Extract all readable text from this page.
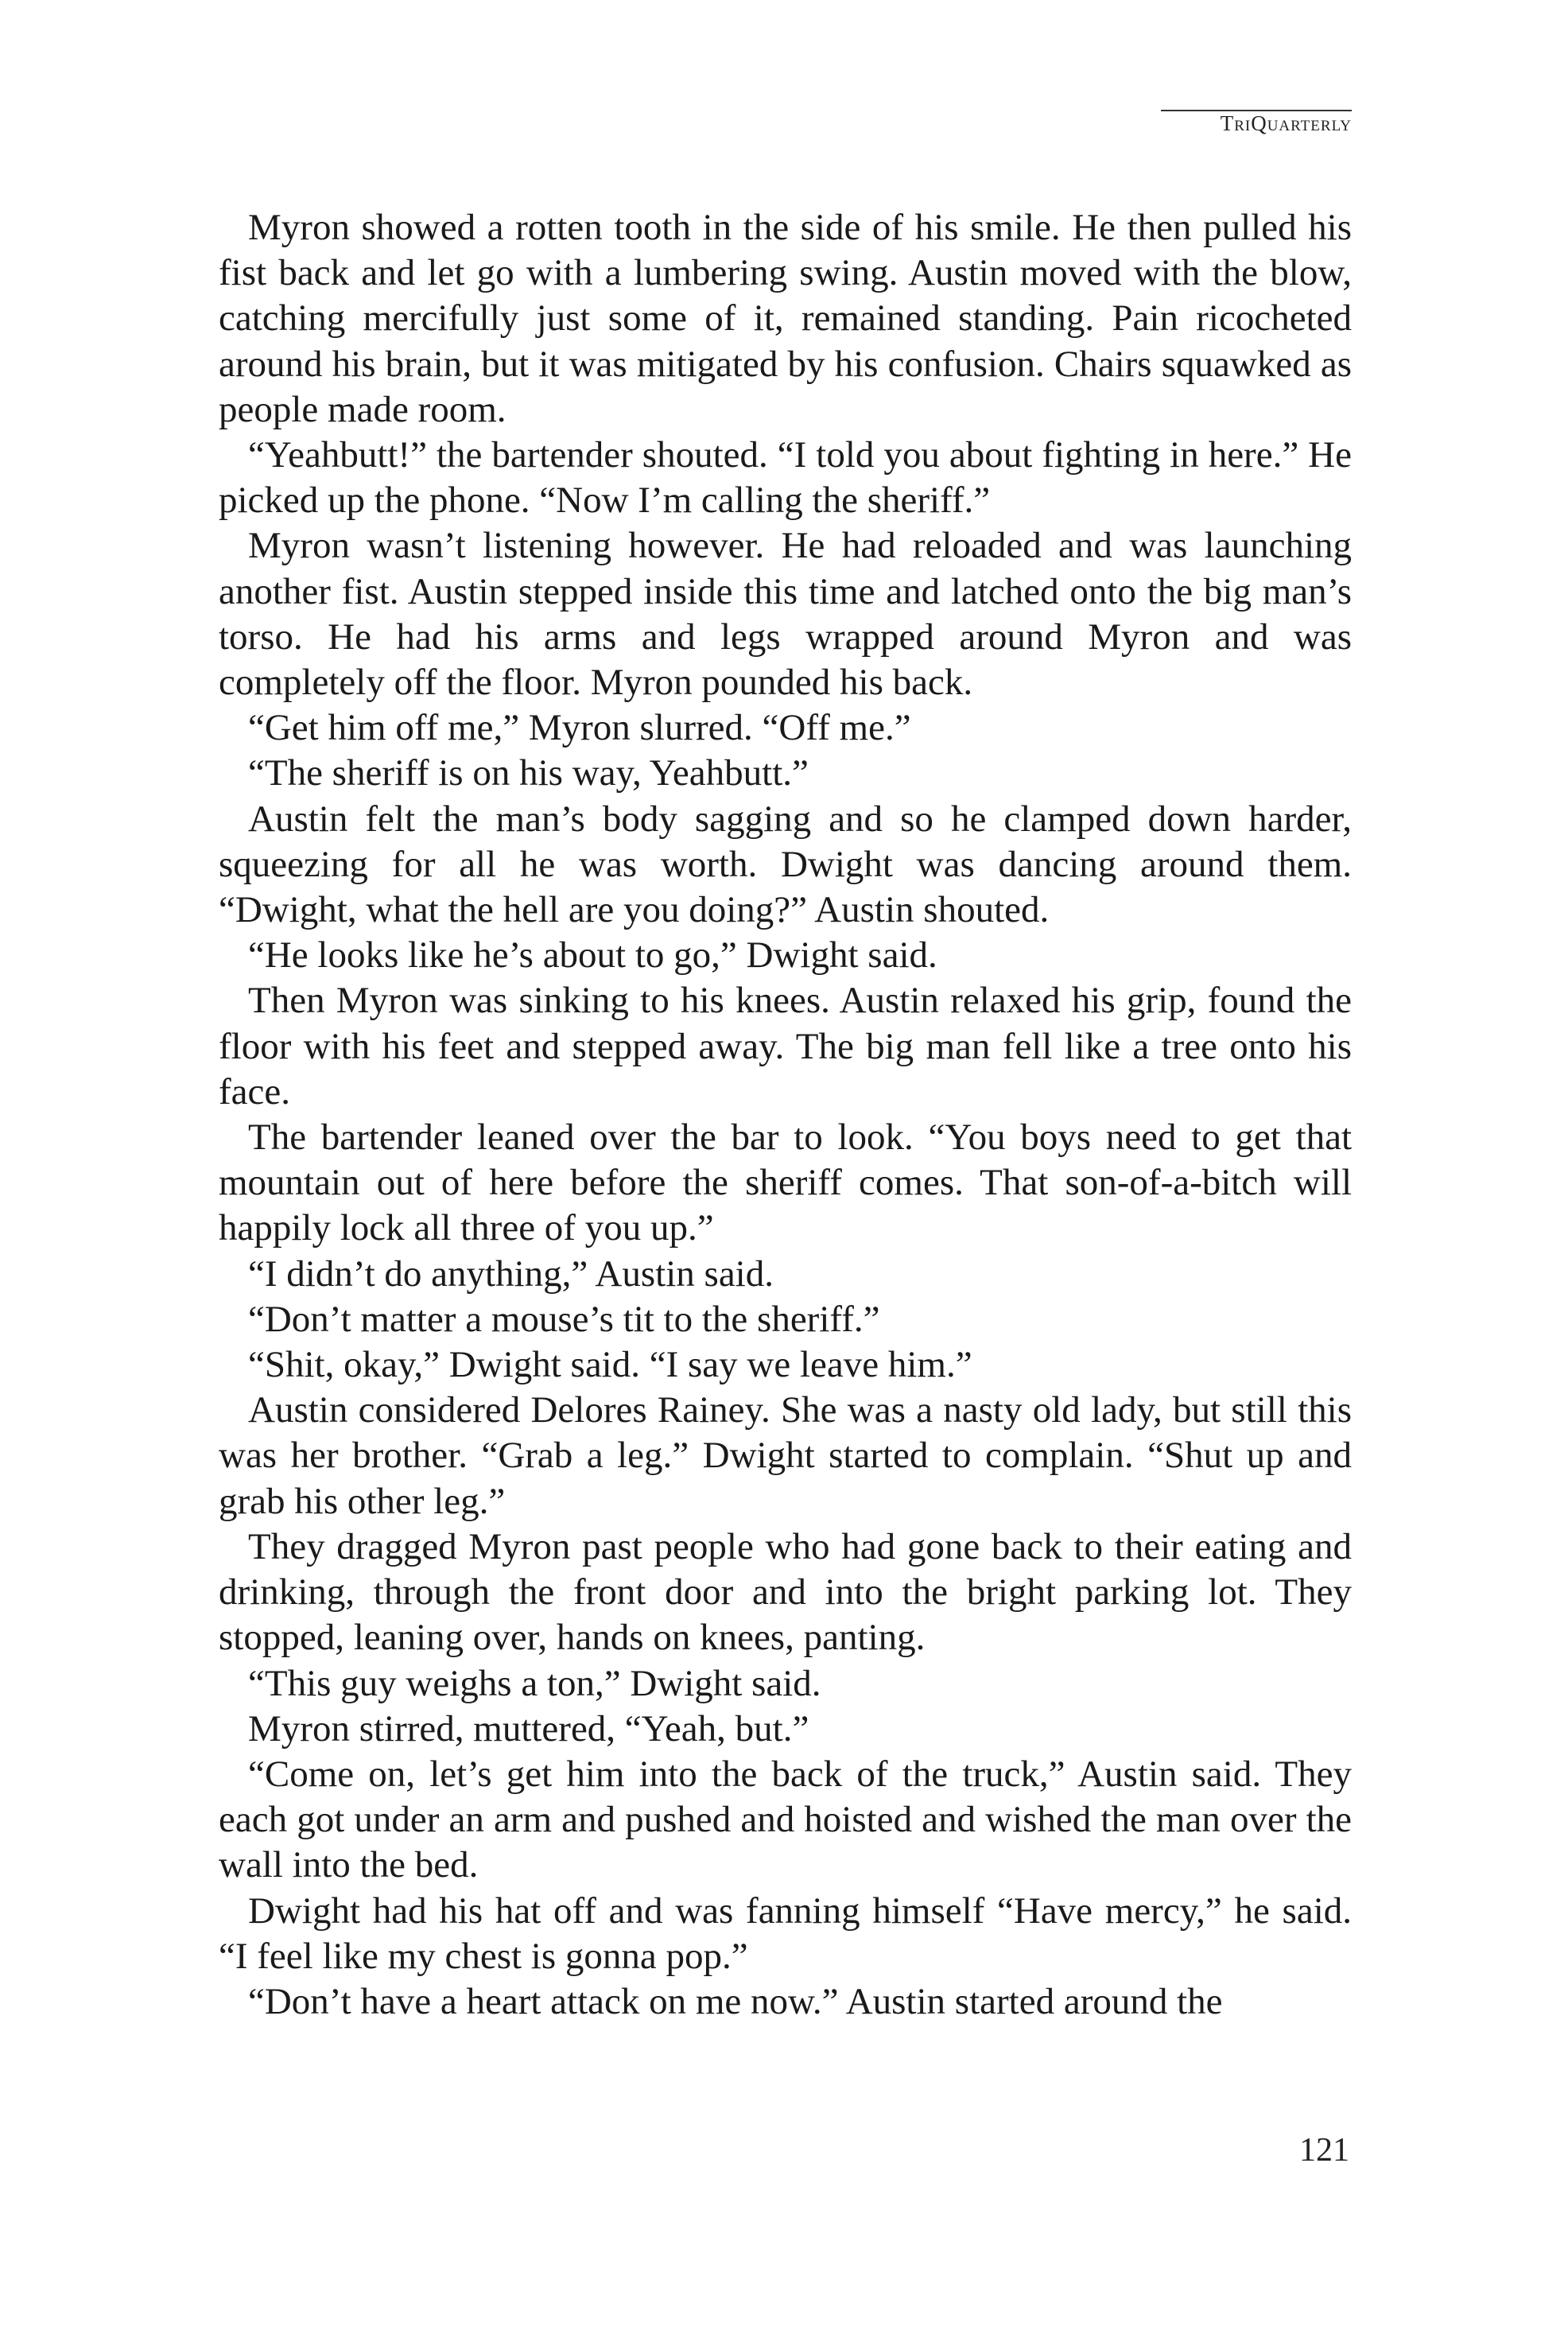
TriQuarterly

Myron showed a rotten tooth in the side of his smile. He then pulled his fist back and let go with a lumbering swing. Austin moved with the blow, catching mercifully just some of it, remained standing. Pain ricocheted around his brain, but it was mitigated by his confusion. Chairs squawked as people made room.

“Yeahbutt!” the bartender shouted. “I told you about fighting in here.” He picked up the phone. “Now I’m calling the sheriff.”

Myron wasn’t listening however. He had reloaded and was launching another fist. Austin stepped inside this time and latched onto the big man’s torso. He had his arms and legs wrapped around Myron and was completely off the floor. Myron pounded his back.

“Get him off me,” Myron slurred. “Off me.”

“The sheriff is on his way, Yeahbutt.”

Austin felt the man’s body sagging and so he clamped down harder, squeezing for all he was worth. Dwight was dancing around them. “Dwight, what the hell are you doing?” Austin shouted.

“He looks like he’s about to go,” Dwight said.

Then Myron was sinking to his knees. Austin relaxed his grip, found the floor with his feet and stepped away. The big man fell like a tree onto his face.

The bartender leaned over the bar to look. “You boys need to get that mountain out of here before the sheriff comes. That son-of-a-bitch will happily lock all three of you up.”

“I didn’t do anything,” Austin said.

“Don’t matter a mouse’s tit to the sheriff.”

“Shit, okay,” Dwight said. “I say we leave him.”

Austin considered Delores Rainey. She was a nasty old lady, but still this was her brother. “Grab a leg.” Dwight started to complain. “Shut up and grab his other leg.”

They dragged Myron past people who had gone back to their eating and drinking, through the front door and into the bright parking lot. They stopped, leaning over, hands on knees, panting.

“This guy weighs a ton,” Dwight said.

Myron stirred, muttered, “Yeah, but.”

“Come on, let’s get him into the back of the truck,” Austin said. They each got under an arm and pushed and hoisted and wished the man over the wall into the bed.

Dwight had his hat off and was fanning himself “Have mercy,” he said. “I feel like my chest is gonna pop.”

“Don’t have a heart attack on me now.” Austin started around the

121
